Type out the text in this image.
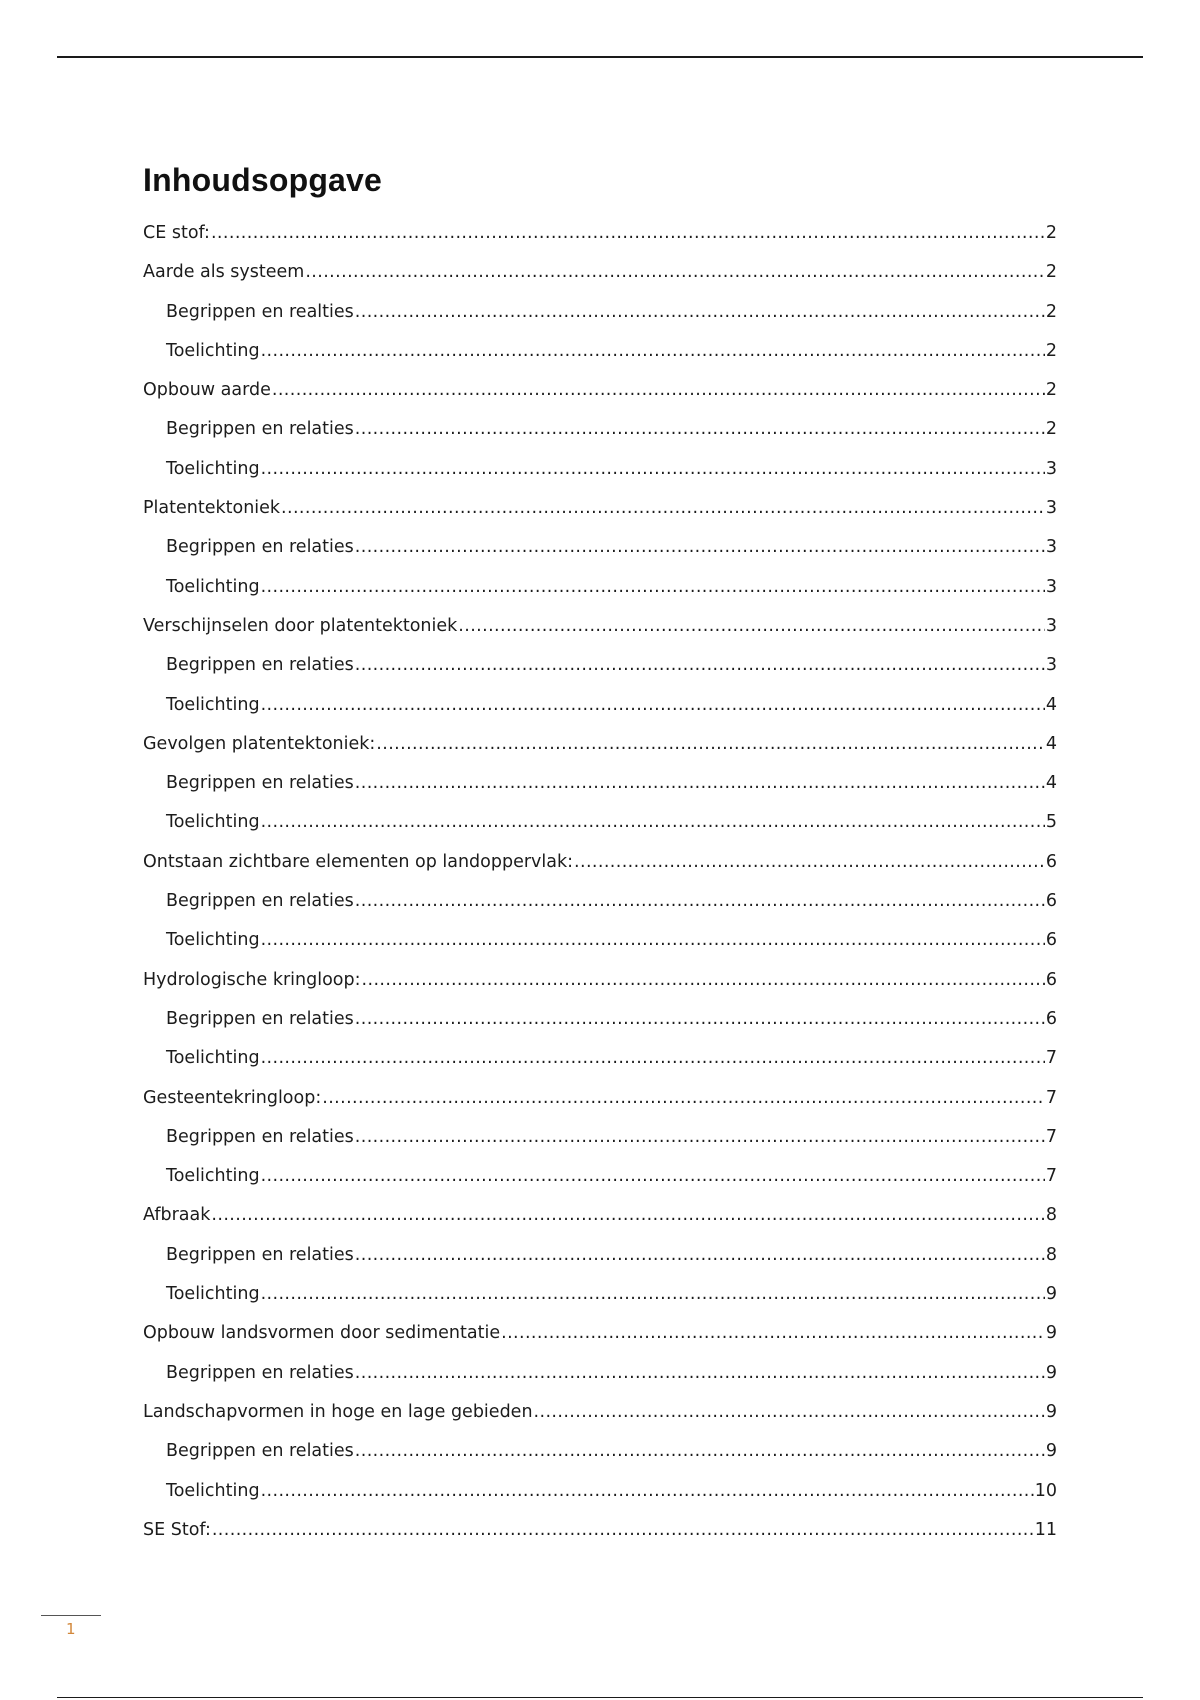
Inhoudsopgave
CE stof: .....	2
Aarde als systeem .....	2
Begrippen en realties .....	2
Toelichting .....	2
Opbouw aarde .....	2
Begrippen en relaties .....	2
Toelichting .....	3
Platentektoniek .....	3
Begrippen en relaties .....	3
Toelichting .....	3
Verschijnselen door platentektoniek .....	3
Begrippen en relaties .....	3
Toelichting .....	4
Gevolgen platentektoniek: .....	4
Begrippen en relaties .....	4
Toelichting .....	5
Ontstaan zichtbare elementen op landoppervlak: .....	6
Begrippen en relaties .....	6
Toelichting .....	6
Hydrologische kringloop: .....	6
Begrippen en relaties .....	6
Toelichting .....	7
Gesteentekringloop: .....	7
Begrippen en relaties .....	7
Toelichting .....	7
Afbraak .....	8
Begrippen en relaties .....	8
Toelichting .....	9
Opbouw landsvormen door sedimentatie .....	9
Begrippen en relaties .....	9
Landschapvormen in hoge en lage gebieden .....	9
Begrippen en relaties .....	9
Toelichting .....	10
SE Stof: .....	11
1
